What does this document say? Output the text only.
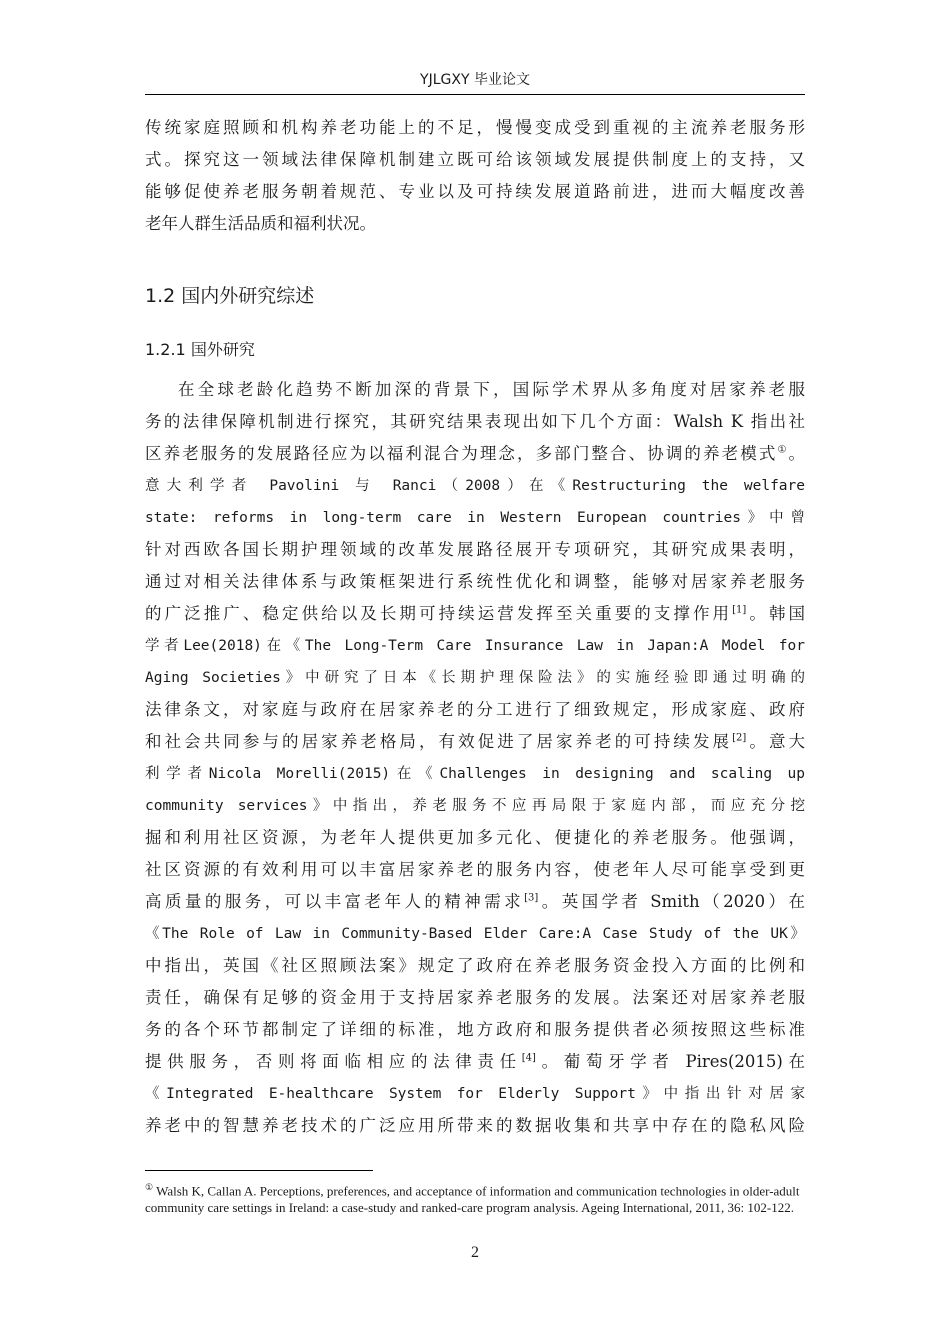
YJLGXY 毕业论文
传统家庭照顾和机构养老功能上的不足，慢慢变成受到重视的主流养老服务形
式。探究这一领域法律保障机制建立既可给该领域发展提供制度上的支持，又
能够促使养老服务朝着规范、专业以及可持续发展道路前进，进而大幅度改善
老年人群生活品质和福利状况。
1.2 国内外研究综述
1.2.1 国外研究
在全球老龄化趋势不断加深的背景下，国际学术界从多角度对居家养老服
务的法律保障机制进行探究，其研究结果表现出如下几个方面：Walsh K 指出社
区养老服务的发展路径应为以福利混合为理念，多部门整合、协调的养老模式①。
意大利学者 Pavolini 与 Ranci（2008）在《Restructuring the welfare
state: reforms in long-term care in Western European countries》中曾
针对西欧各国长期护理领域的改革发展路径展开专项研究，其研究成果表明，
通过对相关法律体系与政策框架进行系统性优化和调整，能够对居家养老服务
的广泛推广、稳定供给以及长期可持续运营发挥至关重要的支撑作用[1]。韩国
学者Lee(2018)在《The Long-Term Care Insurance Law in Japan:A Model for
Aging Societies》中研究了日本《长期护理保险法》的实施经验即通过明确的
法律条文，对家庭与政府在居家养老的分工进行了细致规定，形成家庭、政府
和社会共同参与的居家养老格局，有效促进了居家养老的可持续发展[2]。意大
利学者Nicola Morelli(2015)在《Challenges in designing and scaling up
community services》中指出，养老服务不应再局限于家庭内部，而应充分挖
掘和利用社区资源，为老年人提供更加多元化、便捷化的养老服务。他强调，
社区资源的有效利用可以丰富居家养老的服务内容，使老年人尽可能享受到更
高质量的服务，可以丰富老年人的精神需求[3]。英国学者 Smith（2020）在
《The Role of Law in Community-Based Elder Care:A Case Study of the UK》
中指出，英国《社区照顾法案》规定了政府在养老服务资金投入方面的比例和
责任，确保有足够的资金用于支持居家养老服务的发展。法案还对居家养老服
务的各个环节都制定了详细的标准，地方政府和服务提供者必须按照这些标准
提供服务，否则将面临相应的法律责任[4]。葡萄牙学者 Pires(2015)在
《Integrated E-healthcare System for Elderly Support》中指出针对居家
养老中的智慧养老技术的广泛应用所带来的数据收集和共享中存在的隐私风险
① Walsh K, Callan A. Perceptions, preferences, and acceptance of information and communication technologies in older-adult community care settings in Ireland: a case-study and ranked-care program analysis. Ageing International, 2011, 36: 102-122.
2
